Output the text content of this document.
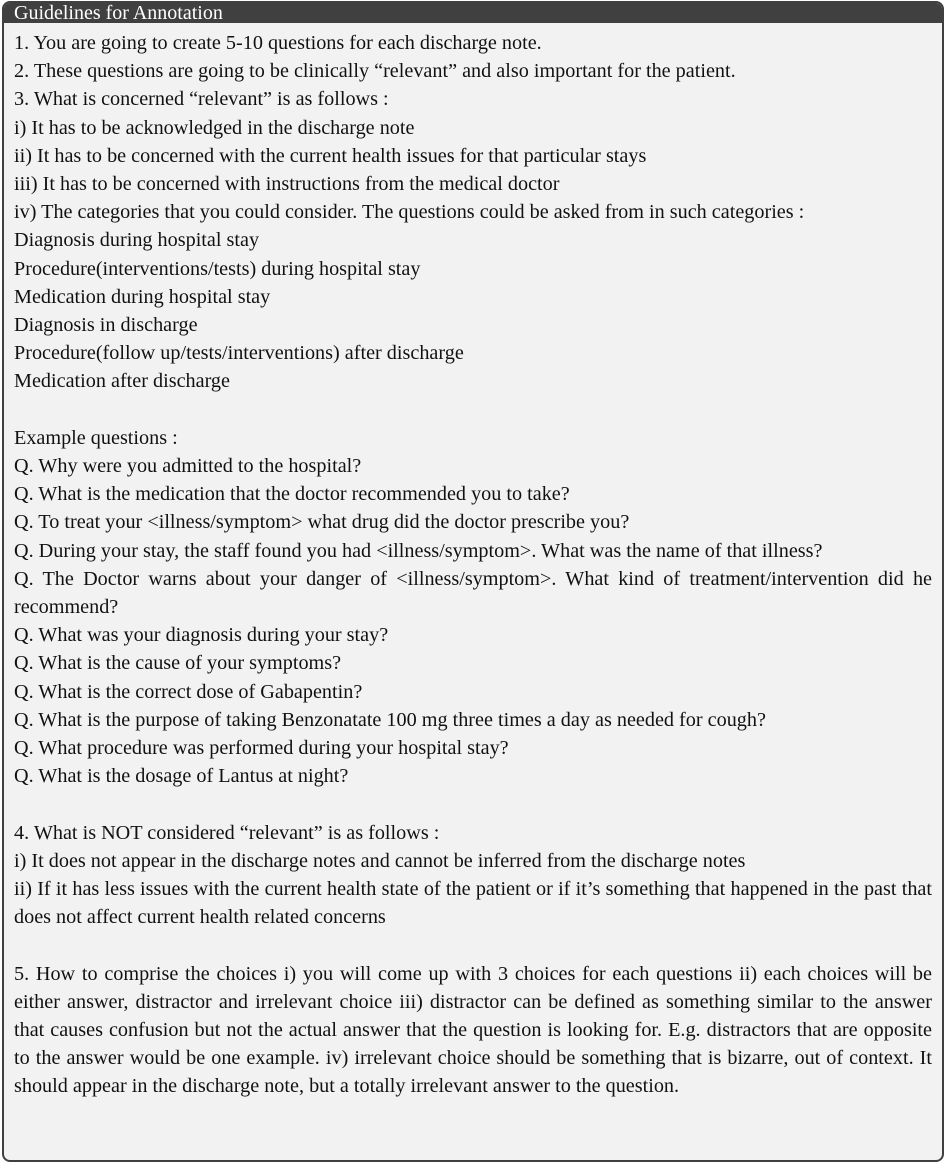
Guidelines for Annotation
1. You are going to create 5-10 questions for each discharge note.
2. These questions are going to be clinically “relevant” and also important for the patient.
3. What is concerned “relevant” is as follows :
i) It has to be acknowledged in the discharge note
ii) It has to be concerned with the current health issues for that particular stays
iii) It has to be concerned with instructions from the medical doctor
iv) The categories that you could consider. The questions could be asked from in such categories :
Diagnosis during hospital stay
Procedure(interventions/tests) during hospital stay
Medication during hospital stay
Diagnosis in discharge
Procedure(follow up/tests/interventions) after discharge
Medication after discharge
Example questions :
Q. Why were you admitted to the hospital?
Q. What is the medication that the doctor recommended you to take?
Q. To treat your <illness/symptom> what drug did the doctor prescribe you?
Q. During your stay, the staff found you had <illness/symptom>. What was the name of that illness?
Q. The Doctor warns about your danger of <illness/symptom>. What kind of treatment/intervention did he recommend?
Q. What was your diagnosis during your stay?
Q. What is the cause of your symptoms?
Q. What is the correct dose of Gabapentin?
Q. What is the purpose of taking Benzonatate 100 mg three times a day as needed for cough?
Q. What procedure was performed during your hospital stay?
Q. What is the dosage of Lantus at night?
4. What is NOT considered “relevant” is as follows :
i) It does not appear in the discharge notes and cannot be inferred from the discharge notes
ii) If it has less issues with the current health state of the patient or if it’s something that happened in the past that does not affect current health related concerns
5. How to comprise the choices i) you will come up with 3 choices for each questions ii) each choices will be either answer, distractor and irrelevant choice iii) distractor can be defined as something similar to the answer that causes confusion but not the actual answer that the question is looking for. E.g. distractors that are opposite to the answer would be one example. iv) irrelevant choice should be something that is bizarre, out of context. It should appear in the discharge note, but a totally irrelevant answer to the question.
